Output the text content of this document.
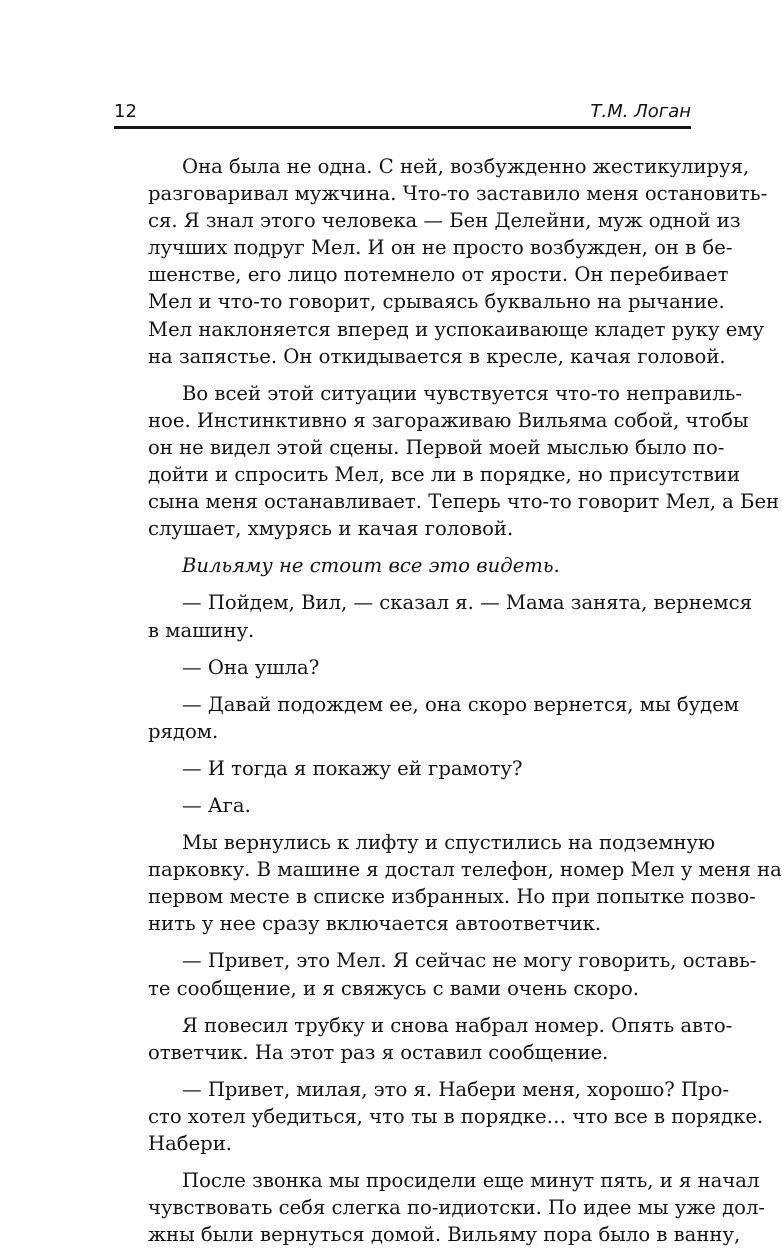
12	Т.М. Логан
Она была не одна. С ней, возбужденно жестикулируя,
разговаривал мужчина. Что-то заставило меня остановить-
ся. Я знал этого человека — Бен Делейни, муж одной из
лучших подруг Мел. И он не просто возбужден, он в бе-
шенстве, его лицо потемнело от ярости. Он перебивает
Мел и что-то говорит, срываясь буквально на рычание.
Мел наклоняется вперед и успокаивающе кладет руку ему
на запястье. Он откидывается в кресле, качая головой.
Во всей этой ситуации чувствуется что-то неправиль-
ное. Инстинктивно я загораживаю Вильяма собой, чтобы
он не видел этой сцены. Первой моей мыслью было по-
дойти и спросить Мел, все ли в порядке, но присутствии
сына меня останавливает. Теперь что-то говорит Мел, а Бен
слушает, хмурясь и качая головой.
Вильяму не стоит все это видеть.
— Пойдем, Вил, — сказал я. — Мама занята, вернемся
в машину.
— Она ушла?
— Давай подождем ее, она скоро вернется, мы будем
рядом.
— И тогда я покажу ей грамоту?
— Ага.
Мы вернулись к лифту и спустились на подземную
парковку. В машине я достал телефон, номер Мел у меня на
первом месте в списке избранных. Но при попытке позво-
нить у нее сразу включается автоответчик.
— Привет, это Мел. Я сейчас не могу говорить, оставь-
те сообщение, и я свяжусь с вами очень скоро.
Я повесил трубку и снова набрал номер. Опять авто-
ответчик. На этот раз я оставил сообщение.
— Привет, милая, это я. Набери меня, хорошо? Про-
сто хотел убедиться, что ты в порядке… что все в порядке.
Набери.
После звонка мы просидели еще минут пять, и я начал
чувствовать себя слегка по-идиотски. По идее мы уже дол-
жны были вернуться домой. Вильяму пора было в ванну,
